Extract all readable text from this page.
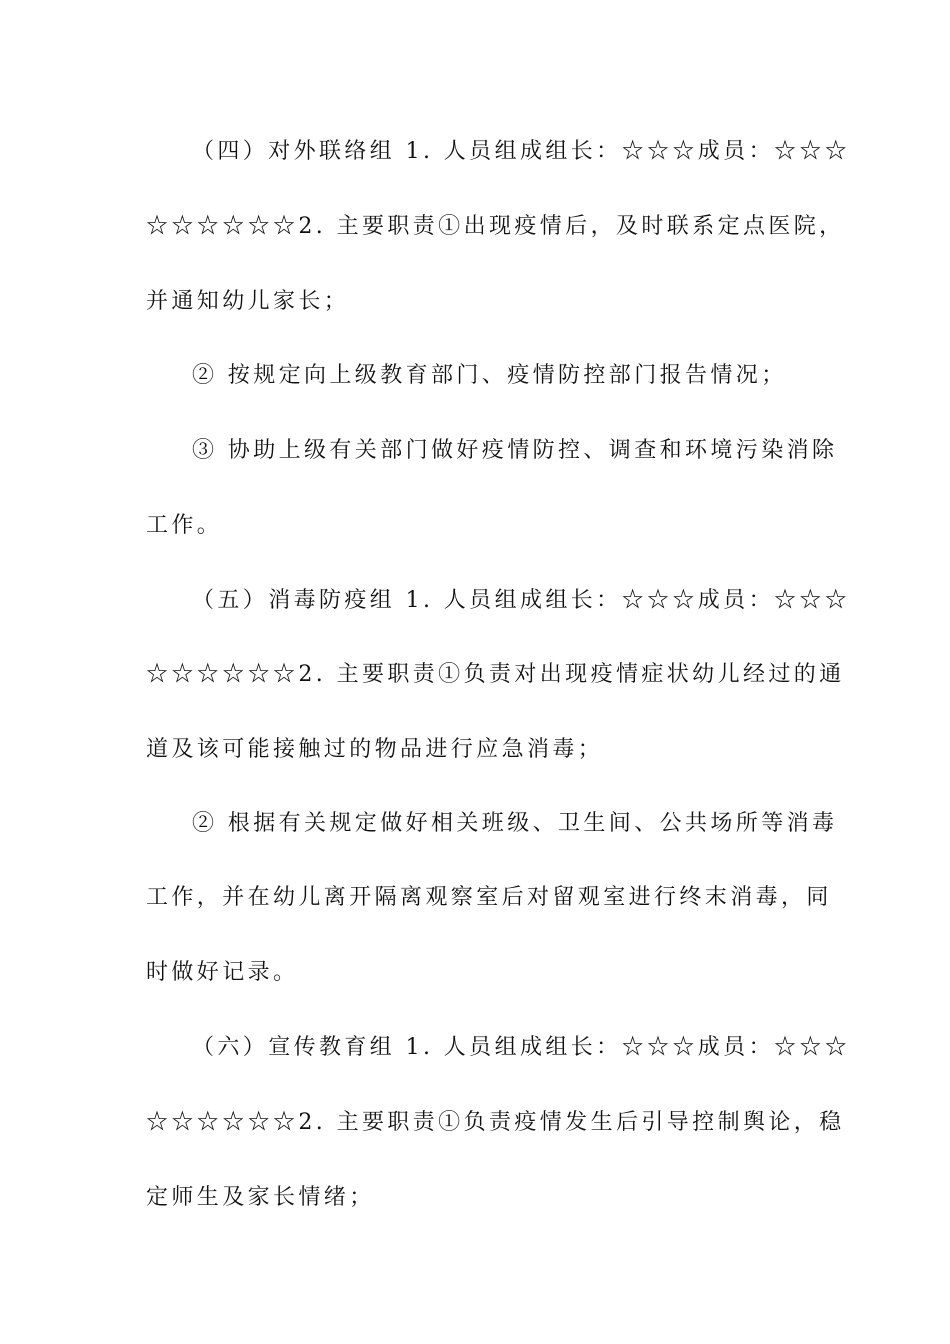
（四）对外联络组 1. 人员组成组长：☆☆☆成员：☆☆☆
☆☆☆☆☆☆2. 主要职责①出现疫情后，及时联系定点医院，
并通知幼儿家长；
② 按规定向上级教育部门、疫情防控部门报告情况；
③ 协助上级有关部门做好疫情防控、调查和环境污染消除
工作。
（五）消毒防疫组 1. 人员组成组长：☆☆☆成员：☆☆☆
☆☆☆☆☆☆2. 主要职责①负责对出现疫情症状幼儿经过的通
道及该可能接触过的物品进行应急消毒；
② 根据有关规定做好相关班级、卫生间、公共场所等消毒
工作，并在幼儿离开隔离观察室后对留观室进行终末消毒，同
时做好记录。
（六）宣传教育组 1. 人员组成组长：☆☆☆成员：☆☆☆
☆☆☆☆☆☆2. 主要职责①负责疫情发生后引导控制舆论，稳
定师生及家长情绪；
